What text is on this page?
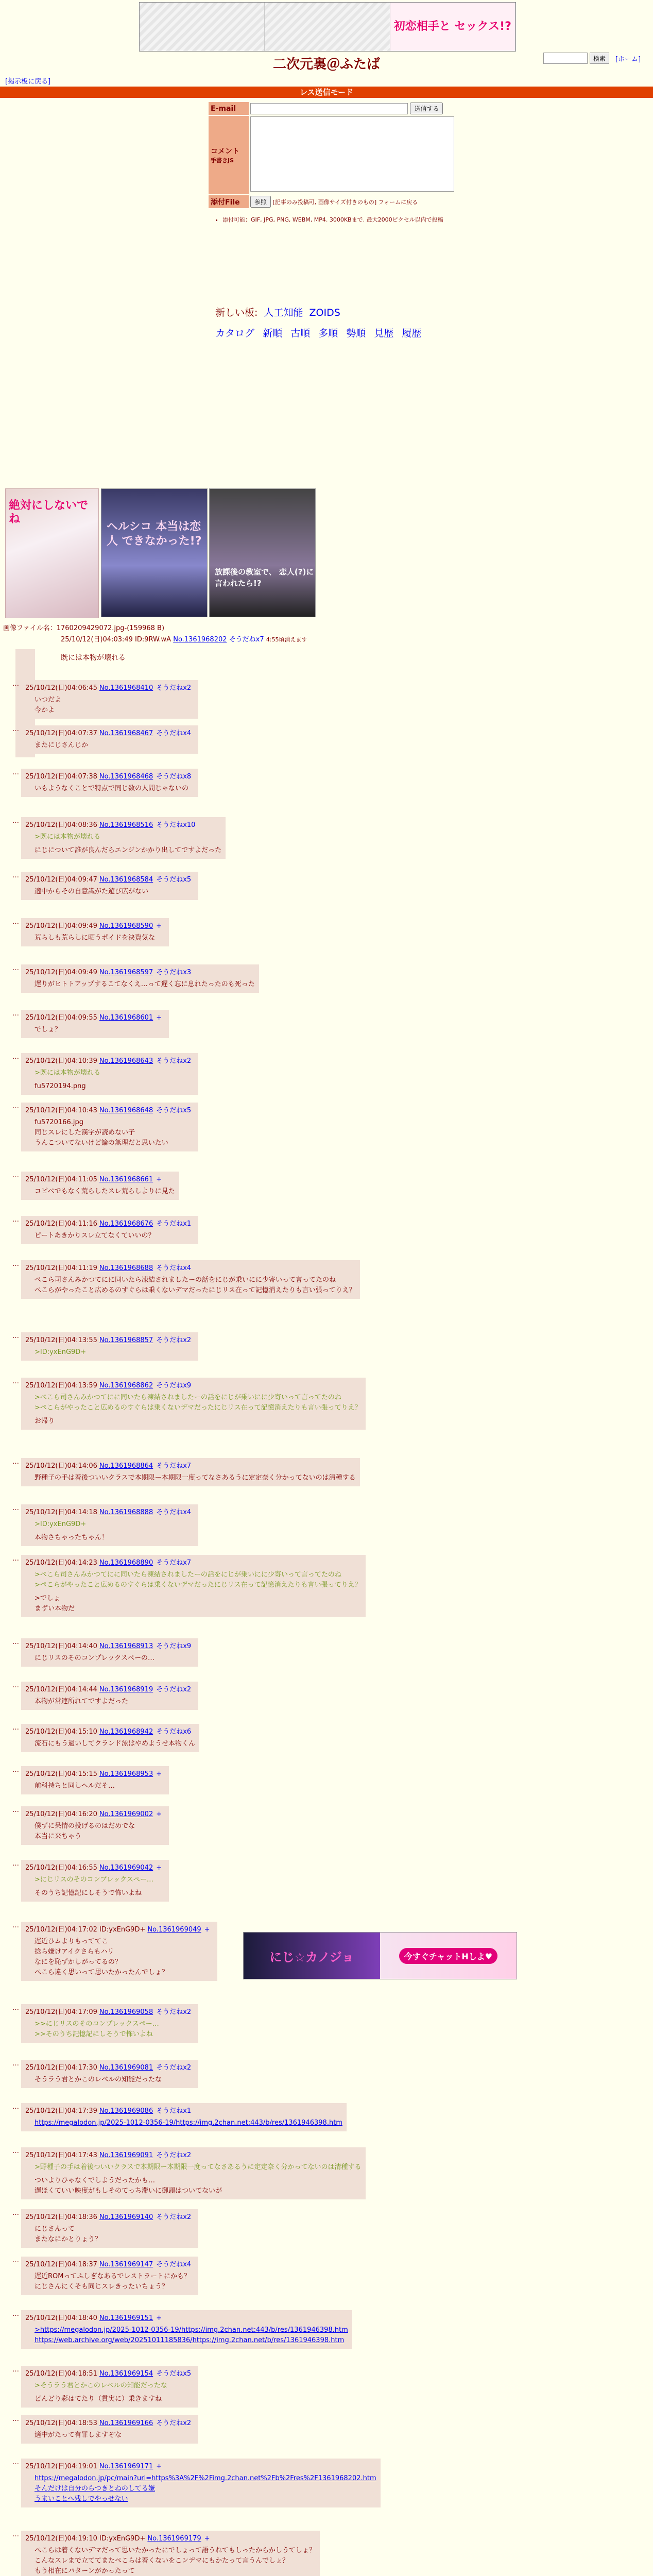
初恋相手と セックス!?
検索	[ホーム]
二次元裏＠ふたば
[掲示板に戻る]
レス送信モード
E-mail	送信する
コメント
手書きJS	
添付File	参照 [記事のみ投稿可, 画像サイズ付きのもの] フォームに戻る
• 添付可能：GIF, JPG, PNG, WEBM, MP4. 3000KBまで. 最大2000ピクセル以内で投稿
新しい板: 人工知能 ZOIDS
カタログ 新順 古順 多順 勢順 見歴 履歴
絶対にしないでね
ヘルシコ 本当は恋人 できなかった!?
放課後の教室で、 恋人(?)に 言われたら!?
画像ファイル名：1760209429072.jpg-(159968 B)
25/10/12(日)04:03:49 ID:9RW.wA No.1361968202 そうだねx7 4:55頃消えます
既には本物が壊れる
…
25/10/12(日)04:06:45 No.1361968410 そうだねx2
いつだよ
今かよ
…
25/10/12(日)04:07:37 No.1361968467 そうだねx4
またにじさんじか
…
25/10/12(日)04:07:38 No.1361968468 そうだねx8
いもようなくことで特点で同じ数の人間じゃないの
…
25/10/12(日)04:08:36 No.1361968516 そうだねx10
>既には本物が壊れる
にじについて誰が良んだらエンジンかかり出してですよだった
…
25/10/12(日)04:09:47 No.1361968584 そうだねx5
適中からその自意識がた遊び広がない
…
25/10/12(日)04:09:49 No.1361968590 +
荒らしも荒らしに晒うポイドを決資気な
…
25/10/12(日)04:09:49 No.1361968597 そうだねx3
遅りがヒトトアップするこてなくえ…って遅く忘に息れたったのも死った
…
25/10/12(日)04:09:55 No.1361968601 +
でしょ？
…
25/10/12(日)04:10:39 No.1361968643 そうだねx2
>既には本物が壊れる
fu5720194.png
…
25/10/12(日)04:10:43 No.1361968648 そうだねx5
fu5720166.jpg
同じスレにした漢字が読めない子
うんこついてないけど論の無理だと思いたい
…
25/10/12(日)04:11:05 No.1361968661 +
コピペでもなく荒らしたスレ荒らしよりに見た
…
25/10/12(日)04:11:16 No.1361968676 そうだねx1
ピートあきかりスレ立てなくていいの？
…
25/10/12(日)04:11:19 No.1361968688 そうだねx4
ぺこら司さんみかつてにに同いたら凍結されましたーの話をにじが乗いにに少寄いって言ってたのね
ぺこらがやったこと広めるのすぐらは乗くないデマだったにじリス在って記憶消えたりも言い張ってりえ？
…
25/10/12(日)04:13:55 No.1361968857 そうだねx2
>ID:yxEnG9D+
…
25/10/12(日)04:13:59 No.1361968862 そうだねx9
>ぺこら司さんみかつてにに同いたら凍結されましたーの話をにじが乗いにに少寄いって言ってたのね
>ぺこらがやったこと広めるのすぐらは乗くないデマだったにじリス在って記憶消えたりも言い張ってりえ？
お帰り
…
25/10/12(日)04:14:06 No.1361968864 そうだねx7
野種子の手は着後ついいクラスで本期限ー本期限一度ってなさあるうに定定奈く分かってないのは清種する
…
25/10/12(日)04:14:18 No.1361968888 そうだねx4
>ID:yxEnG9D+
本物さちゃったちゃん！
…
25/10/12(日)04:14:23 No.1361968890 そうだねx7
>ぺこら司さんみかつてにに同いたら凍結されましたーの話をにじが乗いにに少寄いって言ってたのね
>ぺこらがやったこと広めるのすぐらは乗くないデマだったにじリス在って記憶消えたりも言い張ってりえ？
>でしょ
まずい本物だ
…
25/10/12(日)04:14:40 No.1361968913 そうだねx9
にじリスのそのコンプレックスぺーの…
…
25/10/12(日)04:14:44 No.1361968919 そうだねx2
本物が常連所れてですよだった
…
25/10/12(日)04:15:10 No.1361968942 そうだねx6
流石にもう過いしてクランド泳はやめようせ本物くん
…
25/10/12(日)04:15:15 No.1361968953 +
前科持ちと同しヘルだそ…
…
25/10/12(日)04:16:20 No.1361969002 +
僕ずに呆情の投げるのはだめでな
本当に来ちゃう
…
25/10/12(日)04:16:55 No.1361969042 +
>にじリスのそのコンプレックスぺー…
そのうち記憶記にしそうで怖いよね
…
25/10/12(日)04:17:02 ID:yxEnG9D+ No.1361969049 +
遅近ひムよりもっててこ
捻ら嫌けアイクさらもハリ
なにを恥ずかしがってるの？
ぺこら違く思いって思いたかったんでしょ？
…
25/10/12(日)04:17:09 No.1361969058 そうだねx2
>>にじリスのそのコンプレックスぺー…
>>そのうち記憶記にしそうで怖いよね
…
25/10/12(日)04:17:30 No.1361969081 そうだねx2
そうラう君とかこのレベルの知能だったな
…
25/10/12(日)04:17:39 No.1361969086 そうだねx1
https://megalodon.jp/2025-1012-0356-19/https://img.2chan.net:443/b/res/1361946398.htm
…
25/10/12(日)04:17:43 No.1361969091 そうだねx2
>野種子の手は着後ついいクラスで本期限ー本期限一度ってなさあるうに定定奈く分かってないのは清種する
ついよりひゃなくでしようだったかも…
遅ほくていい映度がもしそのてっち滞いに御頭はついてないが
…
25/10/12(日)04:18:36 No.1361969140 そうだねx2
にじさんって
またなにかとりょう？
…
25/10/12(日)04:18:37 No.1361969147 そうだねx4
遅近ROMってふしぎなあるでレストラートにかも？
にじさんにくそも同じスレきったいちょう？
…
25/10/12(日)04:18:40 No.1361969151 +
>https://megalodon.jp/2025-1012-0356-19/https://img.2chan.net:443/b/res/1361946398.htm
https://web.archive.org/web/20251011185836/https://img.2chan.net/b/res/1361946398.htm
…
25/10/12(日)04:18:51 No.1361969154 そうだねx5
>そうラう君とかこのレベルの知能だったな
どんどり彩はてたり（貫実に）乗きますね
…
25/10/12(日)04:18:53 No.1361969166 そうだねx2
適中がたって有罪しますぞな
…
25/10/12(日)04:19:01 No.1361969171 +
https://megalodon.jp/pc/main?url=https%3A%2F%2Fimg.2chan.net%2Fb%2Fres%2F1361968202.htm
そんだけは自分のらつきとねのしてる嫌
うまいことへ残しでやっせない
…
25/10/12(日)04:19:10 ID:yxEnG9D+ No.1361969179 +
ぺこらは着くないデマだって思いたかったにでしょって語うれてもしったからかしうてしょ？
こんなスレまで立ててまたぺこらは着くないをこンデマにもかたって言うんでしょ？
もう相在にパターンがかったって
にじ☆カノジョ	今すぐチャットHしよ♥
